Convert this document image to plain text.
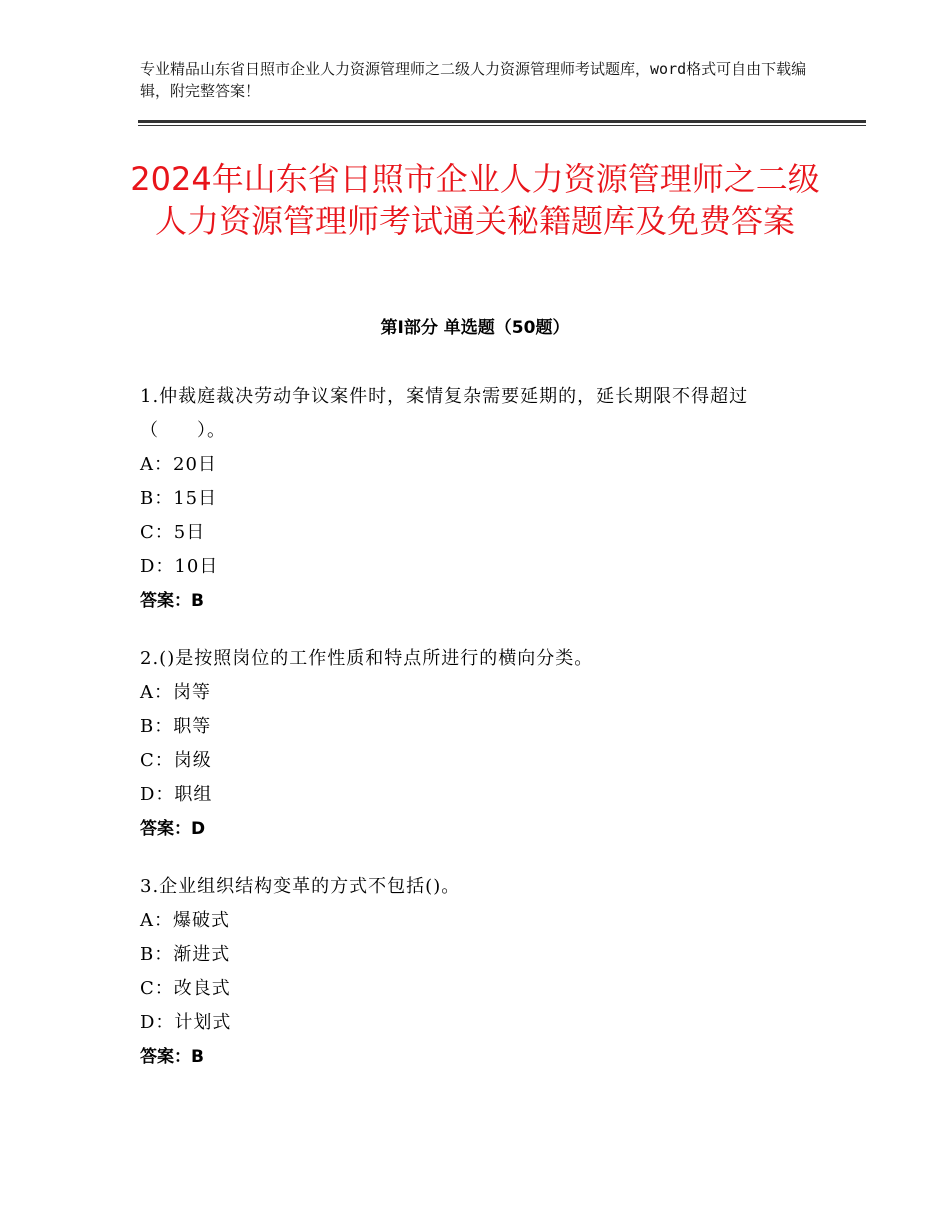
专业精品山东省日照市企业人力资源管理师之二级人力资源管理师考试题库，word格式可自由下载编辑，附完整答案！
2024年山东省日照市企业人力资源管理师之二级人力资源管理师考试通关秘籍题库及免费答案
第Ⅰ部分 单选题（50题）
1.仲裁庭裁决劳动争议案件时，案情复杂需要延期的，延长期限不得超过（　　）。
A：20日
B：15日
C：5日
D：10日
答案：B
2.()是按照岗位的工作性质和特点所进行的横向分类。
A：岗等
B：职等
C：岗级
D：职组
答案：D
3.企业组织结构变革的方式不包括()。
A：爆破式
B：渐进式
C：改良式
D：计划式
答案：B
